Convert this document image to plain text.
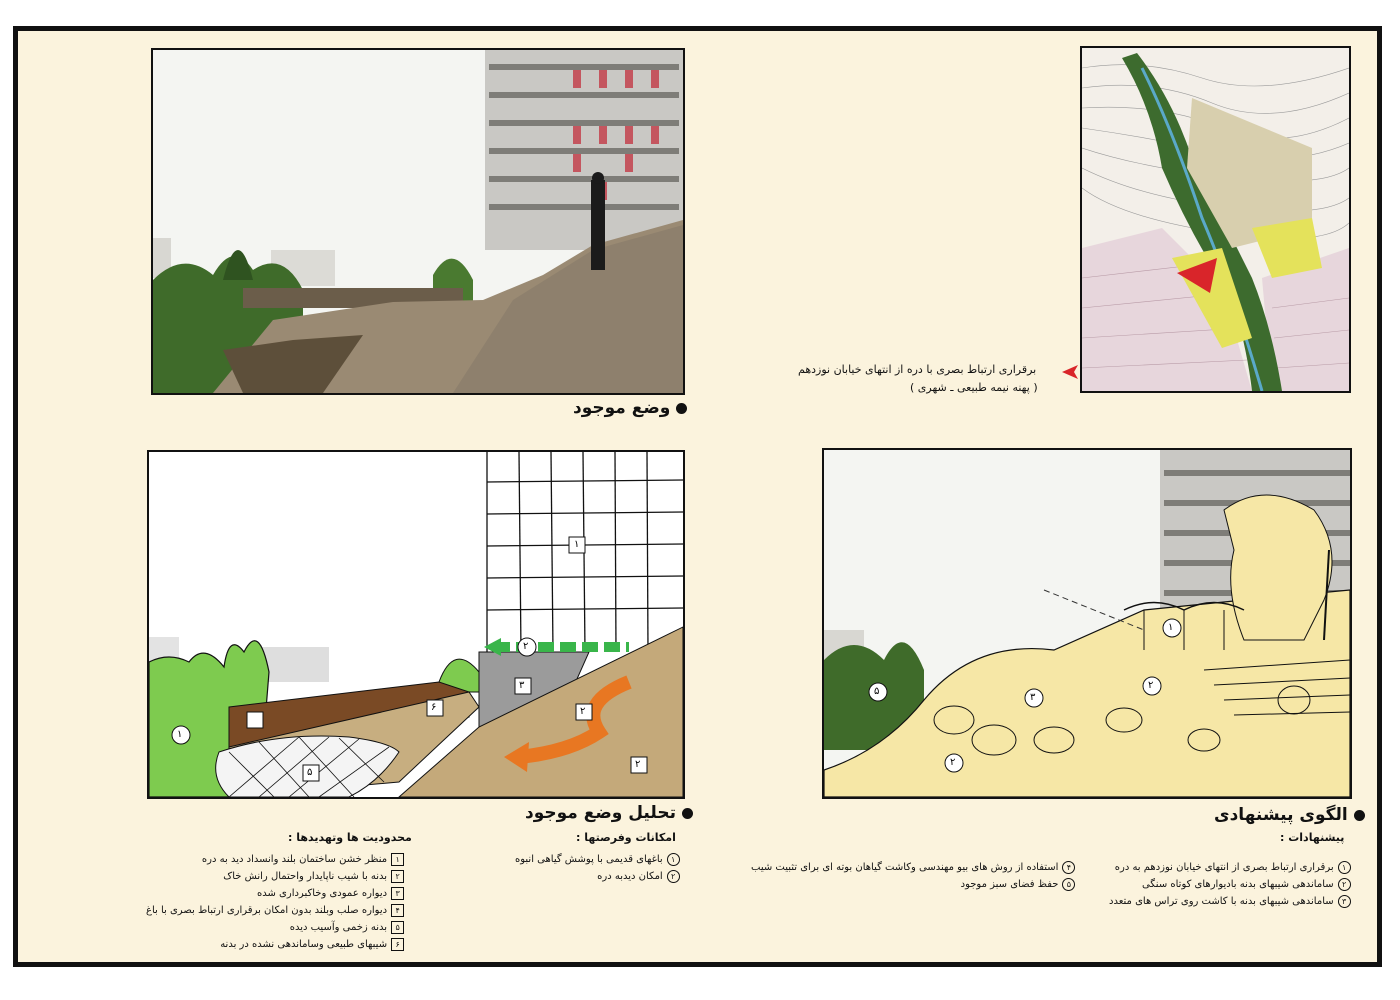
وضع موجود
برقراری ارتباط بصری با دره از انتهای خیابان نوزدهم
( پهنه نیمه طبیعی ـ شهری )
۱
۱
۲
۳
۲
۲
۴
۵
۶
تحلیل وضع موجود
امکانات وفرصتها :
۱
باغهای قدیمی با پوشش گیاهی انبوه
۲
امکان دیدبه دره
محدودیت ها وتهدیدها :
۱
منظر خشن ساختمان بلند وانسداد دید به دره
۲
بدنه با شیب ناپایدار واحتمال رانش خاک
۳
دیواره عمودی وخاکبرداری شده
۴
دیواره صلب وبلند بدون امکان برقراری ارتباط بصری با باغ
۵
بدنه زخمی وآسیب دیده
۶
شیبهای طبیعی وساماندهی نشده در بدنه
۱
۲
۳
۲
۵
الگوی پیشنهادی
پیشنهادات :
۱
برقراری ارتباط بصری از انتهای خیابان نوزدهم به دره
۲
ساماندهی شیبهای بدنه بادیوارهای کوتاه سنگی
۳
ساماندهی شیبهای بدنه با کاشت روی تراس های متعدد
۴
استفاده از روش های بیو مهندسی وکاشت گیاهان بوته ای برای تثبیت شیب
۵
حفظ فضای سبز موجود
